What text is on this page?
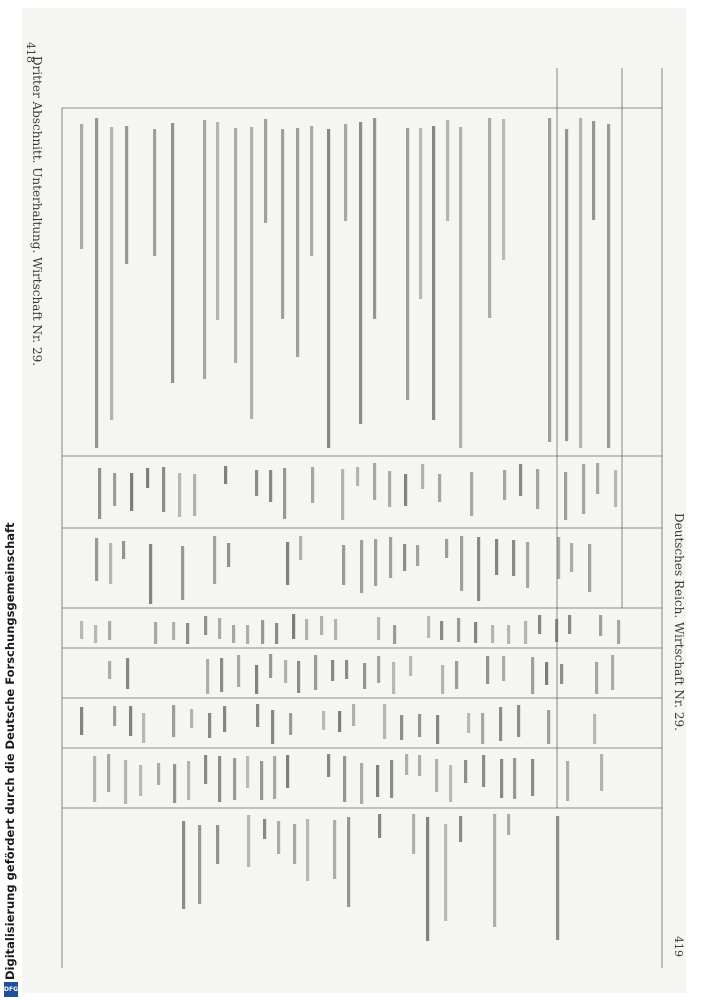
418
Dritter Abschnitt. Unterhaltung. Wirtschaft Nr. 29.
Deutsches Reich. Wirtschaft Nr. 29.
419
Digitalisierung gefördert durch die Deutsche Forschungsgemeinschaft
DFG
